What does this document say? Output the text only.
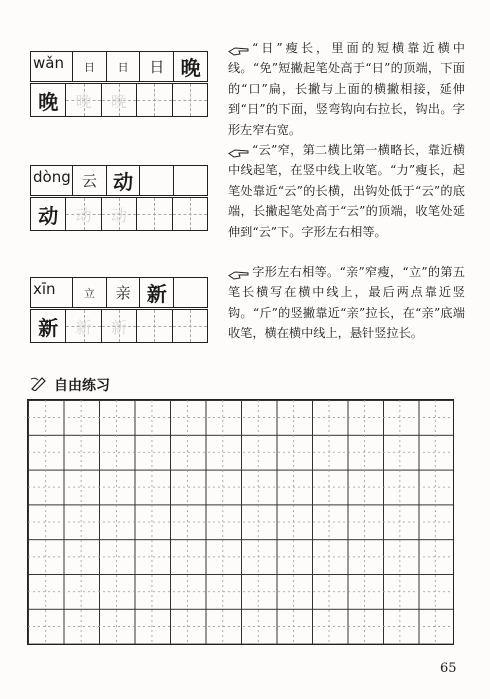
wǎn 日 日 日 晚
晚 晚 晚
dòng 云 动
动 动 动
xīn	立 亲 新
新 新 新
“日”瘦长，里面的短横靠近横中线。“免”短撇起笔处高于“日”的顶端，下面的“口”扁，长撇与上面的横撇相接，延伸到“日”的下面，竖弯钩向右拉长，钩出。字形左窄右宽。
“云”窄，第二横比第一横略长，靠近横中线起笔，在竖中线上收笔。“力”瘦长，起笔处靠近“云”的长横，出钩处低于“云”的底端，长撇起笔处高于“云”的顶端，收笔处延伸到“云”下。字形左右相等。
字形左右相等。“亲”窄瘦，“立”的第五笔长横写在横中线上，最后两点靠近竖钩。“斤”的竖撇靠近“亲”拉长，在“亲”底端收笔，横在横中线上，悬针竖拉长。
自由练习
65
